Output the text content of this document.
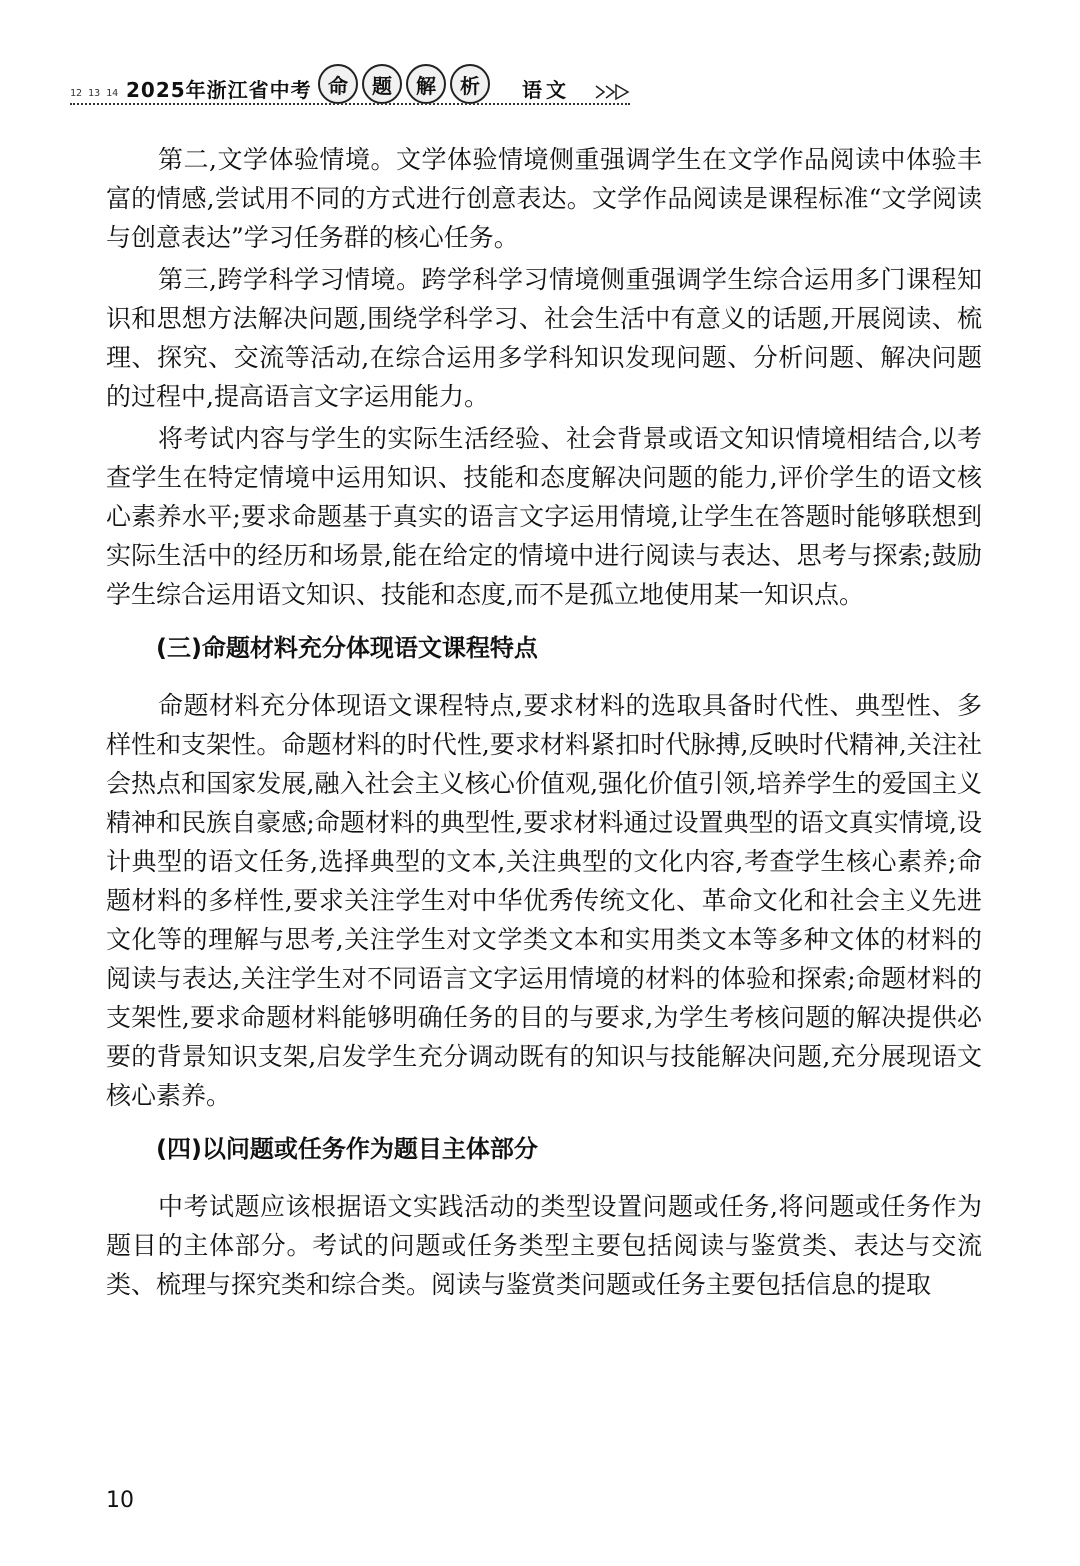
12 13 14 2025年浙江省中考 命	题	解	析	语文

第二,文学体验情境。文学体验情境侧重强调学生在文学作品阅读中体验丰富的情感,尝试用不同的方式进行创意表达。文学作品阅读是课程标准“文学阅读与创意表达”学习任务群的核心任务。

第三,跨学科学习情境。跨学科学习情境侧重强调学生综合运用多门课程知识和思想方法解决问题,围绕学科学习、社会生活中有意义的话题,开展阅读、梳理、探究、交流等活动,在综合运用多学科知识发现问题、分析问题、解决问题的过程中,提高语言文字运用能力。

将考试内容与学生的实际生活经验、社会背景或语文知识情境相结合,以考查学生在特定情境中运用知识、技能和态度解决问题的能力,评价学生的语文核心素养水平;要求命题基于真实的语言文字运用情境,让学生在答题时能够联想到实际生活中的经历和场景,能在给定的情境中进行阅读与表达、思考与探索;鼓励学生综合运用语文知识、技能和态度,而不是孤立地使用某一知识点。

(三)命题材料充分体现语文课程特点

命题材料充分体现语文课程特点,要求材料的选取具备时代性、典型性、多样性和支架性。命题材料的时代性,要求材料紧扣时代脉搏,反映时代精神,关注社会热点和国家发展,融入社会主义核心价值观,强化价值引领,培养学生的爱国主义精神和民族自豪感;命题材料的典型性,要求材料通过设置典型的语文真实情境,设计典型的语文任务,选择典型的文本,关注典型的文化内容,考查学生核心素养;命题材料的多样性,要求关注学生对中华优秀传统文化、革命文化和社会主义先进文化等的理解与思考,关注学生对文学类文本和实用类文本等多种文体的材料的阅读与表达,关注学生对不同语言文字运用情境的材料的体验和探索;命题材料的支架性,要求命题材料能够明确任务的目的与要求,为学生考核问题的解决提供必要的背景知识支架,启发学生充分调动既有的知识与技能解决问题,充分展现语文核心素养。

(四)以问题或任务作为题目主体部分

中考试题应该根据语文实践活动的类型设置问题或任务,将问题或任务作为题目的主体部分。考试的问题或任务类型主要包括阅读与鉴赏类、表达与交流类、梳理与探究类和综合类。阅读与鉴赏类问题或任务主要包括信息的提取

10
